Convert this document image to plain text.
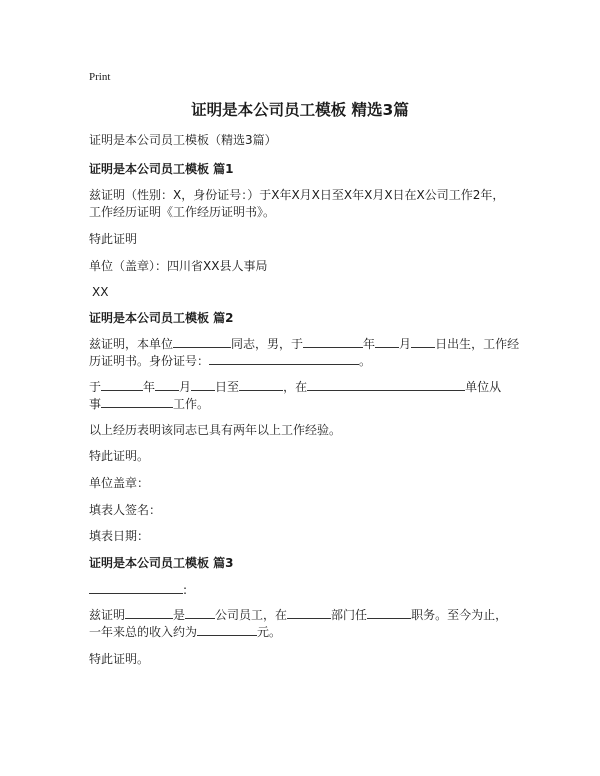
Print
证明是本公司员工模板 精选3篇
证明是本公司员工模板（精选3篇）
证明是本公司员工模板 篇1
兹证明（性别：X，身份证号：）于X年X月X日至X年X月X日在X公司工作2年，
工作经历证明《工作经历证明书》。
特此证明
单位（盖章）：四川省XX县人事局
XX
证明是本公司员工模板 篇2
兹证明，本单位	同志，男，于	年 月 日出生，工作经
历证明书。身份证号：	。
于	年 月 日至	，在	单位从
事	工作。
以上经历表明该同志已具有两年以上工作经验。
特此证明。
单位盖章：
填表人签名：
填表日期：
证明是本公司员工模板 篇3
:
兹证明	是	公司员工，在	部门任	职务。至今为止，
一年来总的收入约为	元。
特此证明。
